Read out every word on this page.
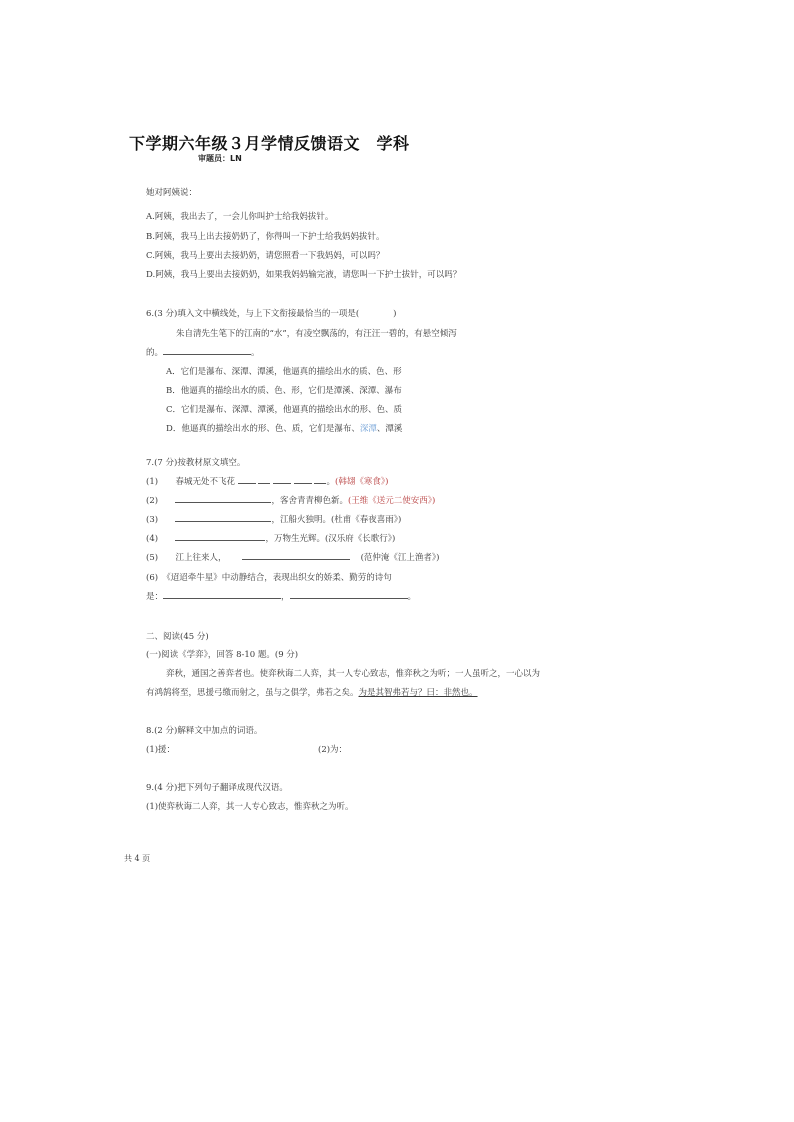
下学期六年级３月学情反馈语文　学科
审题员：LN
她对阿姨说：
A.阿姨，我出去了，一会儿你叫护士给我妈拔针。
B.阿姨，我马上出去接奶奶了，你得叫一下护士给我妈妈拔针。
C.阿姨，我马上要出去接奶奶，请您照看一下我妈妈，可以吗？
D.阿姨，我马上要出去接奶奶，如果我妈妈输完液，请您叫一下护士拔针，可以吗？
6.(3 分)填入文中横线处，与上下文衔接最恰当的一项是(　　　　)
朱自清先生笔下的江南的“水”，有凌空飘荡的，有汪汪一碧的，有悬空倾泻
的。	。
A．它们是瀑布、深潭、潭溪，他逼真的描绘出水的质、色、形
B．他逼真的描绘出水的质、色、形，它们是潭溪、深潭、瀑布
C．它们是瀑布、深潭、潭溪，他逼真的描绘出水的形、色、质
D．他逼真的描绘出水的形、色、质，它们是瀑布、深潭、潭溪
7.(7 分)按教材原文填空。
(1) 春城无处不飞花	。(韩翃《寒食》)
(2)	，客舍青青柳色新。(王维《送元二使安西》)
(3)	，江船火独明。(杜甫《春夜喜雨》)
(4)	，万物生光辉。(汉乐府《长歌行》)
(5) 江上往来人，	(范仲淹《江上渔者》)
(6)　《迢迢牵牛星》中动静结合，表现出织女的娇柔、勤劳的诗句
是：	，	。
二、阅读(45 分)
(一)阅读《学弈》，回答 8-10 题。(9 分)
弈秋，通国之善弈者也。使弈秋诲二人弈，其一人专心致志，惟弈秋之为听；一人虽听之，一心以为
有鸿鹄将至，思援弓缴而射之，虽与之俱学，弗若之矣。为是其智弗若与？曰：非然也。
8.(2 分)解释文中加点的词语。
(1)援：	(2)为：
9.(4 分)把下列句子翻译成现代汉语。
(1)使弈秋诲二人弈，其一人专心致志，惟弈秋之为听。
共 4 页
